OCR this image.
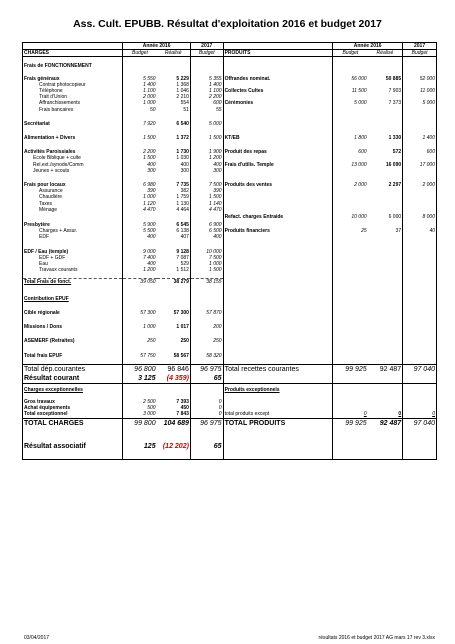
Ass. Cult. EPUBB. Résultat d'exploitation 2016 et budget 2017
	Année 2016		2017		Année 2016		2017
CHARGES	Budget	Réalisé	Budget	PRODUITS	Budget	Réalisé	Budget

Frais de FONCTIONNEMENT							

Frais généraux	5 550	5 229	5 355	Offrandes nominat.	56 000	50 885	52 000
Contrat photocopieur	1 400	1 368	1 400				
Téléphone	1 100	1 046	1 100	Collectes Cultes	11 500	7 903	11 000
Trait d'Union	2 000	2 210	2 200				
Affranchissements	1 000	554	600	Cérémonies	5 000	7 373	5 000
Frais bancaires	50	51	55				

Secrétariat	7 920	6 540	5 000				

Alimentation + Divers	1 500	1 372	1 500	KT/EB	1 800	1 330	1 400

Activités Paroissiales	2 200	1 730	1 900	Produit des repas	600	572	600
Ecole Biblique + culte	1 500	1 030	1 200				
Rel.ext./synode/Comm	400	400	400	Frais d'utilis. Temple	13 000	16 090	17 000
Jeunes + scouts	300	300	300				

Frais pour locaux	6 980	7 735	7 500	Produits des ventes	2 000	2 297	2 000
Assurance	390	382	390				
Chaudière	1 000	1 759	1 500				
Taxes	1 120	1 130	1 140				
Ménage	4 470	4 464	4 470				
				Refact. charges Entraide	10 000	6 000	8 000
Presbytère	5 900	6 545	6 900				
Charges + Assur.	5 500	6 138	6 500	Produits financiers	25	37	40
EDF	400	407	400				

EDF / Eau (temple)	9 000	9 128	10 000				
EDF + GDF	7 400	7 087	7 500				
Eau	400	529	1 000				
Travaux courants	1 200	1 512	1 500				

Total Frais de fonct.	39 050	38 279	38 155				

Contribution EPUF							

Cible régionale	57 300	57 300	57 870				

Missions / Dons	1 000	1 017	200				

ASEMERF (Retraites)	250	250	250				

Total frais EPUF	57 750	58 567	58 320				

Total dép.courantes	96 800	96 846	96 975	Total recettes courantes	99 925	92 487	97 040
Résultat courant	3 125	(4 359)	65				

Charges exceptionnelles				Produits exceptionnels			

Gros travaux	2 500	7 393	0				
Achat équipements	500	450	0				
Total exceptionnel	3 000	7 843	0	total produits except	0	0	0
TOTAL CHARGES	99 800	104 689	96 975	TOTAL PRODUITS	99 925	92 487	97 040

Résultat associatif	125	(12 202)	65				

03/04/2017	résultats 2016 et budget 2017 AG mars 17 rev 3.xlsx
